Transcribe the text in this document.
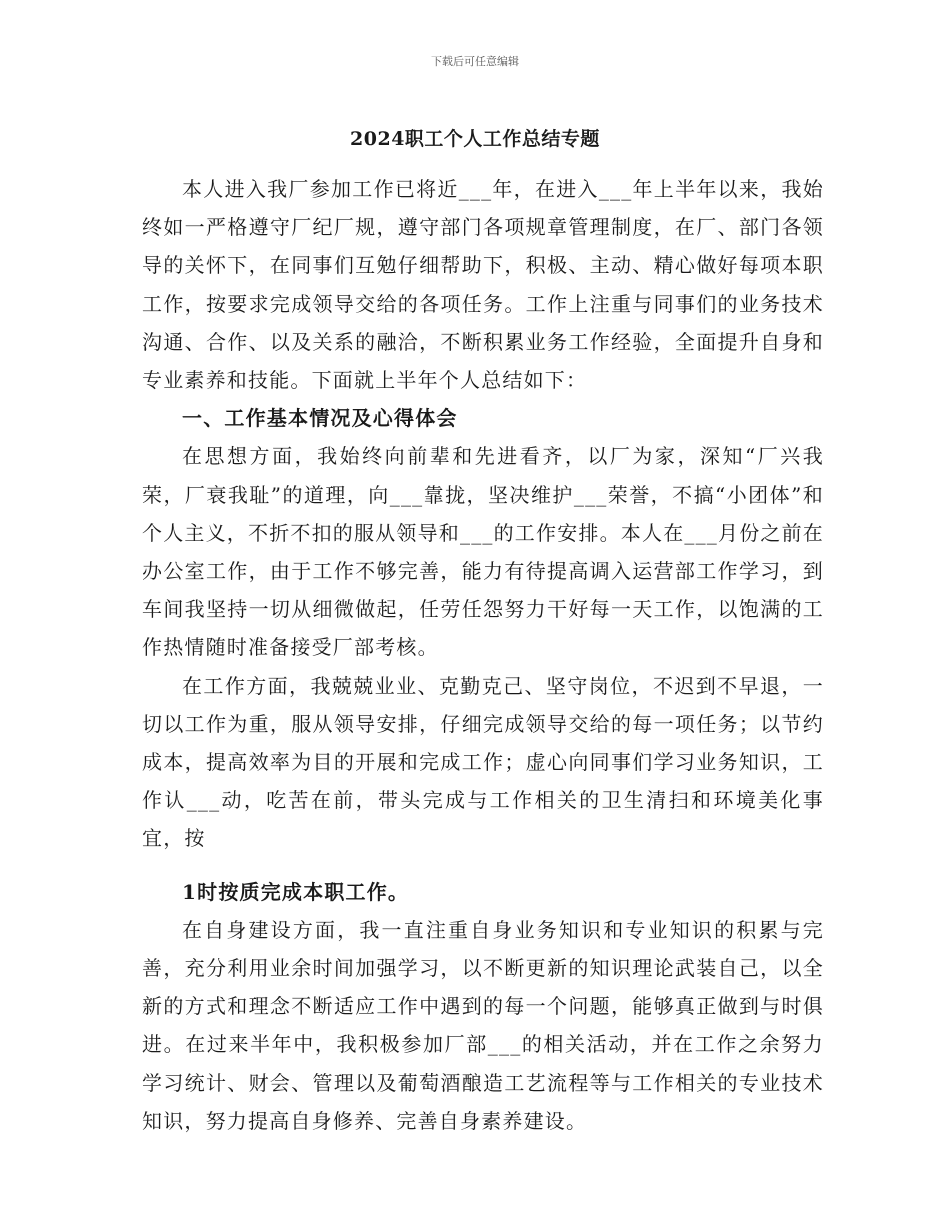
下载后可任意编辑
2024职工个人工作总结专题

本人进入我厂参加工作已将近___年，在进入___年上半年以来，我始终如一严格遵守厂纪厂规，遵守部门各项规章管理制度，在厂、部门各领导的关怀下，在同事们互勉仔细帮助下，积极、主动、精心做好每项本职工作，按要求完成领导交给的各项任务。工作上注重与同事们的业务技术沟通、合作、以及关系的融洽，不断积累业务工作经验，全面提升自身和专业素养和技能。下面就上半年个人总结如下：

一、工作基本情况及心得体会

在思想方面，我始终向前辈和先进看齐，以厂为家，深知“厂兴我荣，厂衰我耻”的道理，向___靠拢，坚决维护___荣誉，不搞“小团体”和个人主义，不折不扣的服从领导和___的工作安排。本人在___月份之前在办公室工作，由于工作不够完善，能力有待提高调入运营部工作学习，到车间我坚持一切从细微做起，任劳任怨努力干好每一天工作，以饱满的工作热情随时准备接受厂部考核。

在工作方面，我兢兢业业、克勤克己、坚守岗位，不迟到不早退，一切以工作为重，服从领导安排，仔细完成领导交给的每一项任务；以节约成本，提高效率为目的开展和完成工作；虚心向同事们学习业务知识，工作认___动，吃苦在前，带头完成与工作相关的卫生清扫和环境美化事宜，按

1时按质完成本职工作。

在自身建设方面，我一直注重自身业务知识和专业知识的积累与完善，充分利用业余时间加强学习，以不断更新的知识理论武装自己，以全新的方式和理念不断适应工作中遇到的每一个问题，能够真正做到与时俱进。在过来半年中，我积极参加厂部___的相关活动，并在工作之余努力学习统计、财会、管理以及葡萄酒酿造工艺流程等与工作相关的专业技术知识，努力提高自身修养、完善自身素养建设。
